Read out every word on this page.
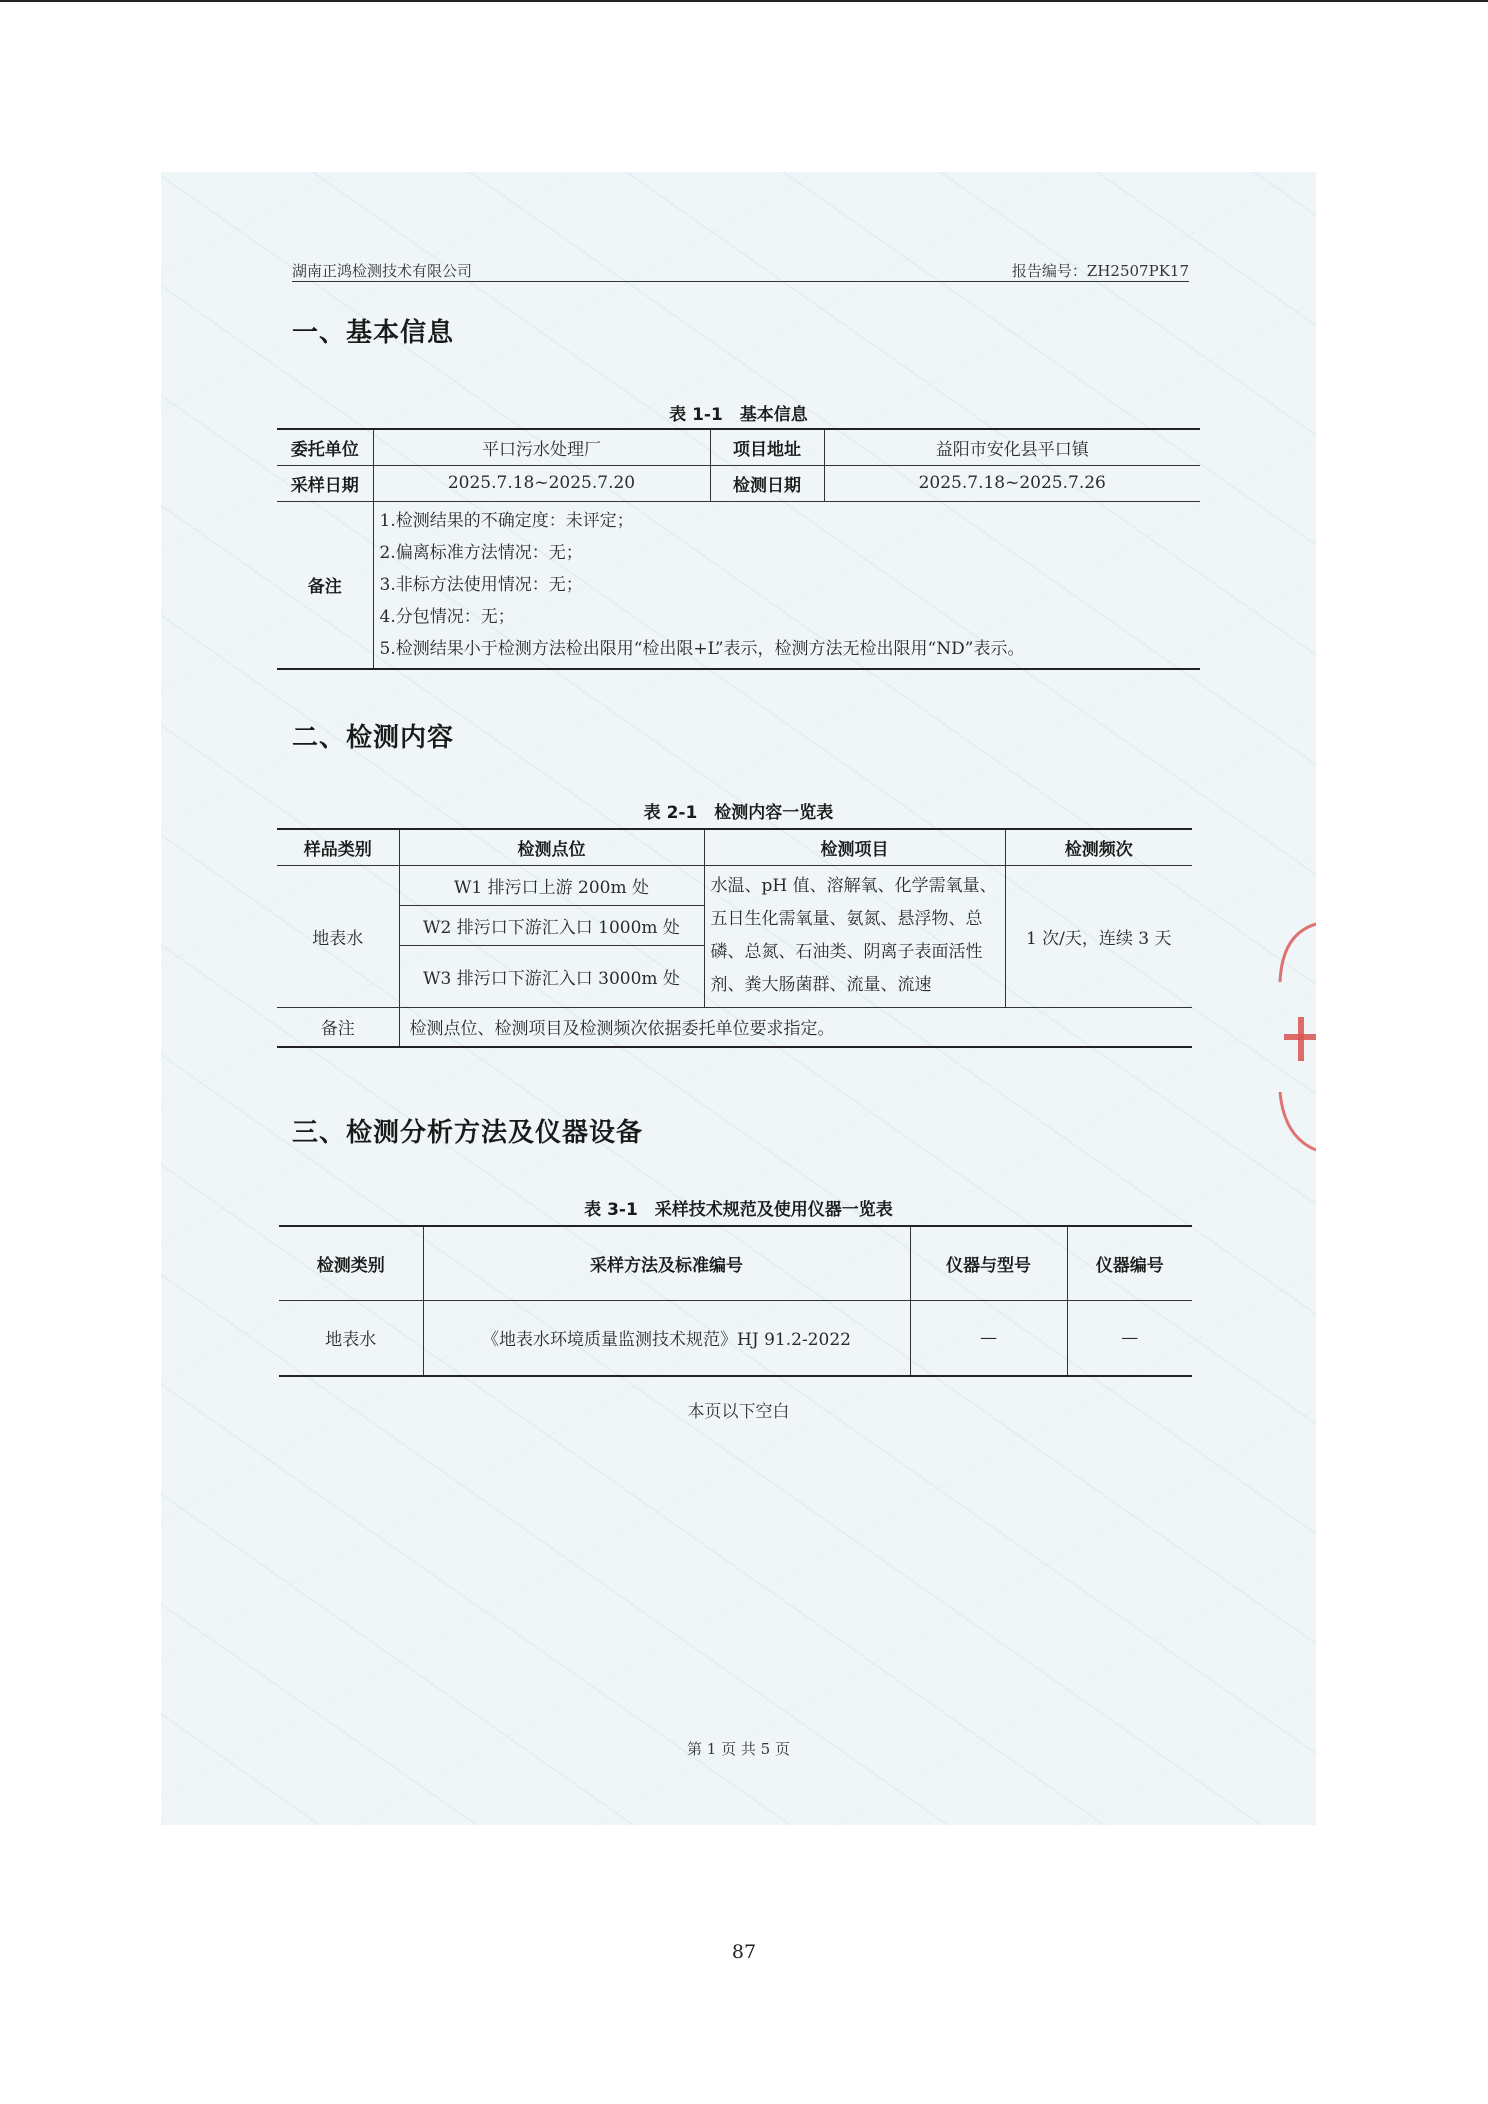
湖南正鸿检测技术有限公司	报告编号：ZH2507PK17
一、基本信息
表 1-1　基本信息
委托单位	平口污水处理厂	项目地址	益阳市安化县平口镇
采样日期	2025.7.18~2025.7.20	检测日期	2025.7.18~2025.7.26
备注	1.检测结果的不确定度：未评定；
2.偏离标准方法情况：无；
3.非标方法使用情况：无；
4.分包情况：无；
5.检测结果小于检测方法检出限用“检出限+L”表示，检测方法无检出限用“ND”表示。		
二、检测内容
表 2-1　检测内容一览表
样品类别	检测点位	检测项目	检测频次
地表水	W1 排污口上游 200m 处	水温、pH 值、溶解氧、化学需氧量、五日生化需氧量、氨氮、悬浮物、总磷、总氮、石油类、阴离子表面活性剂、粪大肠菌群、流量、流速	1 次/天，连续 3 天
	W2 排污口下游汇入口 1000m 处		
	W3 排污口下游汇入口 3000m 处		
备注	检测点位、检测项目及检测频次依据委托单位要求指定。		
三、检测分析方法及仪器设备
表 3-1　采样技术规范及使用仪器一览表
检测类别	采样方法及标准编号	仪器与型号	仪器编号
地表水	《地表水环境质量监测技术规范》HJ 91.2-2022	—	—
本页以下空白
第 1 页 共 5 页
87
